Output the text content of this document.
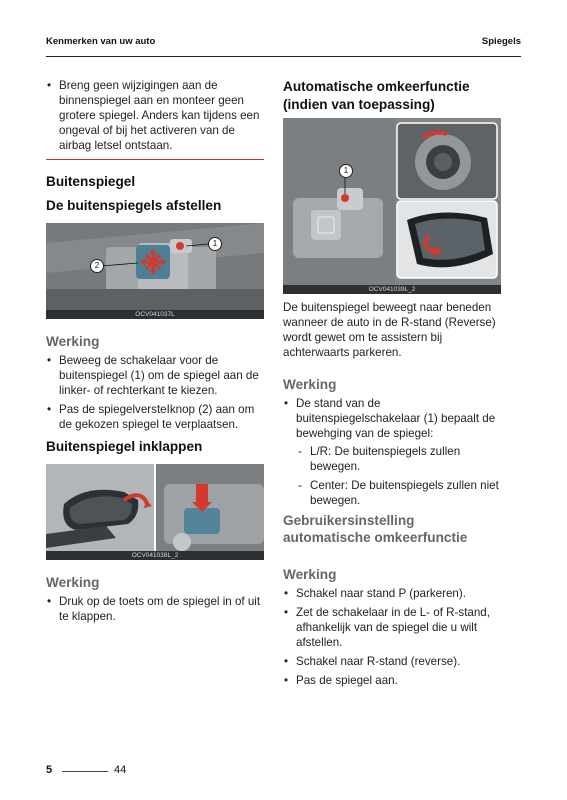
Kenmerken van uw auto	Spiegels
• Breng geen wijzigingen aan de binnenspiegel aan en monteer geen grotere spiegel. Anders kan tijdens een ongeval of bij het activeren van de airbag letsel ontstaan.
Buitenspiegel
De buitenspiegels afstellen
1
2
OCV041037L
Werking
• Beweeg de schakelaar voor de buitenspiegel (1) om de spiegel aan de linker- of rechterkant te kiezen.
• Pas de spiegelversteIknop (2) aan om de gekozen spiegel te verplaatsen.
Buitenspiegel inklappen
OCV041038L_2
Werking
• Druk op de toets om de spiegel in of uit te klappen.
Automatische omkeerfunctie (indien van toepassing)
1
OCV041039L_2

De buitenspiegel beweegt naar beneden wanneer de auto in de R-stand (Reverse) wordt gewet om te assistern bij achterwaarts parkeren.

Werking
• De stand van de buitenspiegelschakelaar (1) bepaalt de bewehging van de spiegel:
- L/R: De buitenspiegels zullen bewegen.
- Center: De buitenspiegels zullen niet bewegen.
Gebruikersinstelling automatische omkeerfunctie
Werking
• Schakel naar stand P (parkeren).
• Zet de schakelaar in de L- of R-stand, afhankelijk van de spiegel die u wilt afstellen.
• Schakel naar R-stand (reverse).
• Pas de spiegel aan.
5	44
